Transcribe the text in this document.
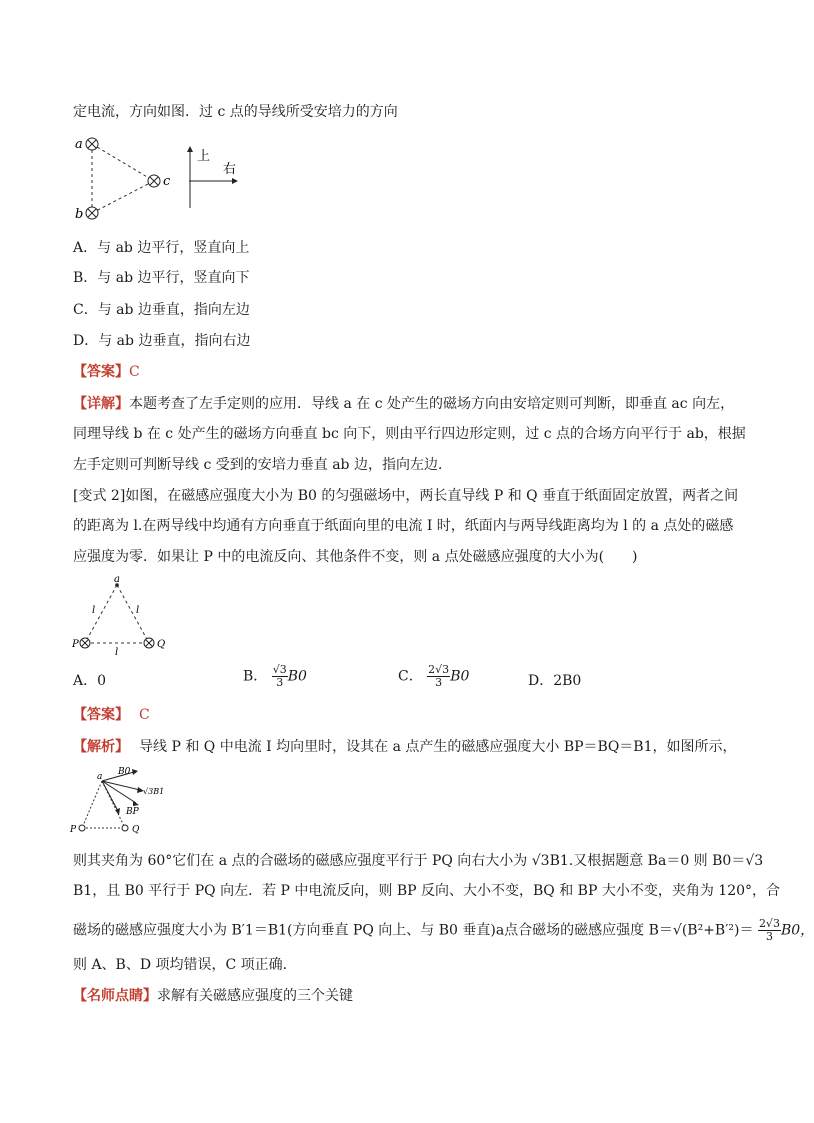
定电流，方向如图．过 c 点的导线所受安培力的方向
a
b
c
上
右
A．与 ab 边平行，竖直向上
B．与 ab 边平行，竖直向下
C．与 ab 边垂直，指向左边
D．与 ab 边垂直，指向右边
【答案】C
【详解】本题考查了左手定则的应用．导线 a 在 c 处产生的磁场方向由安培定则可判断，即垂直 ac 向左，
同理导线 b 在 c 处产生的磁场方向垂直 bc 向下，则由平行四边形定则，过 c 点的合场方向平行于 ab，根据
左手定则可判断导线 c 受到的安培力垂直 ab 边，指向左边．
[变式 2]如图，在磁感应强度大小为 B0 的匀强磁场中，两长直导线 P 和 Q 垂直于纸面固定放置，两者之间
的距离为 l.在两导线中均通有方向垂直于纸面向里的电流 I 时，纸面内与两导线距离均为 l 的 a 点处的磁感
应强度为零．如果让 P 中的电流反向、其他条件不变，则 a 点处磁感应强度的大小为(　　)
a
l	l
l
P	Q
A．0	B． $\frac{√3}{3} B0$	C． $\frac{2√3}{3} B0$	D．2B0
【答案】 C
【解析】 导线 P 和 Q 中电流 I 均向里时，设其在 a 点产生的磁感应强度大小 BP＝BQ＝B1，如图所示，
B0
√3B1
BP
a
P	Q
则其夹角为 60°它们在 a 点的合磁场的磁感应强度平行于 PQ 向右大小为 √3B1.又根据题意 Ba＝0 则 B0＝√3
B1，且 B0 平行于 PQ 向左．若 P 中电流反向，则 BP 反向、大小不变，BQ 和 BP 大小不变，夹角为 120°，合
磁场的磁感应强度大小为 B′1＝B1(方向垂直 PQ 向上、与 B0 垂直)a点合磁场的磁感应强度 $B=√(B^2+B'^2)= \frac{2√3}{3} B0$，
则 A、B、D 项均错误，C 项正确．
【名师点睛】求解有关磁感应强度的三个关键
